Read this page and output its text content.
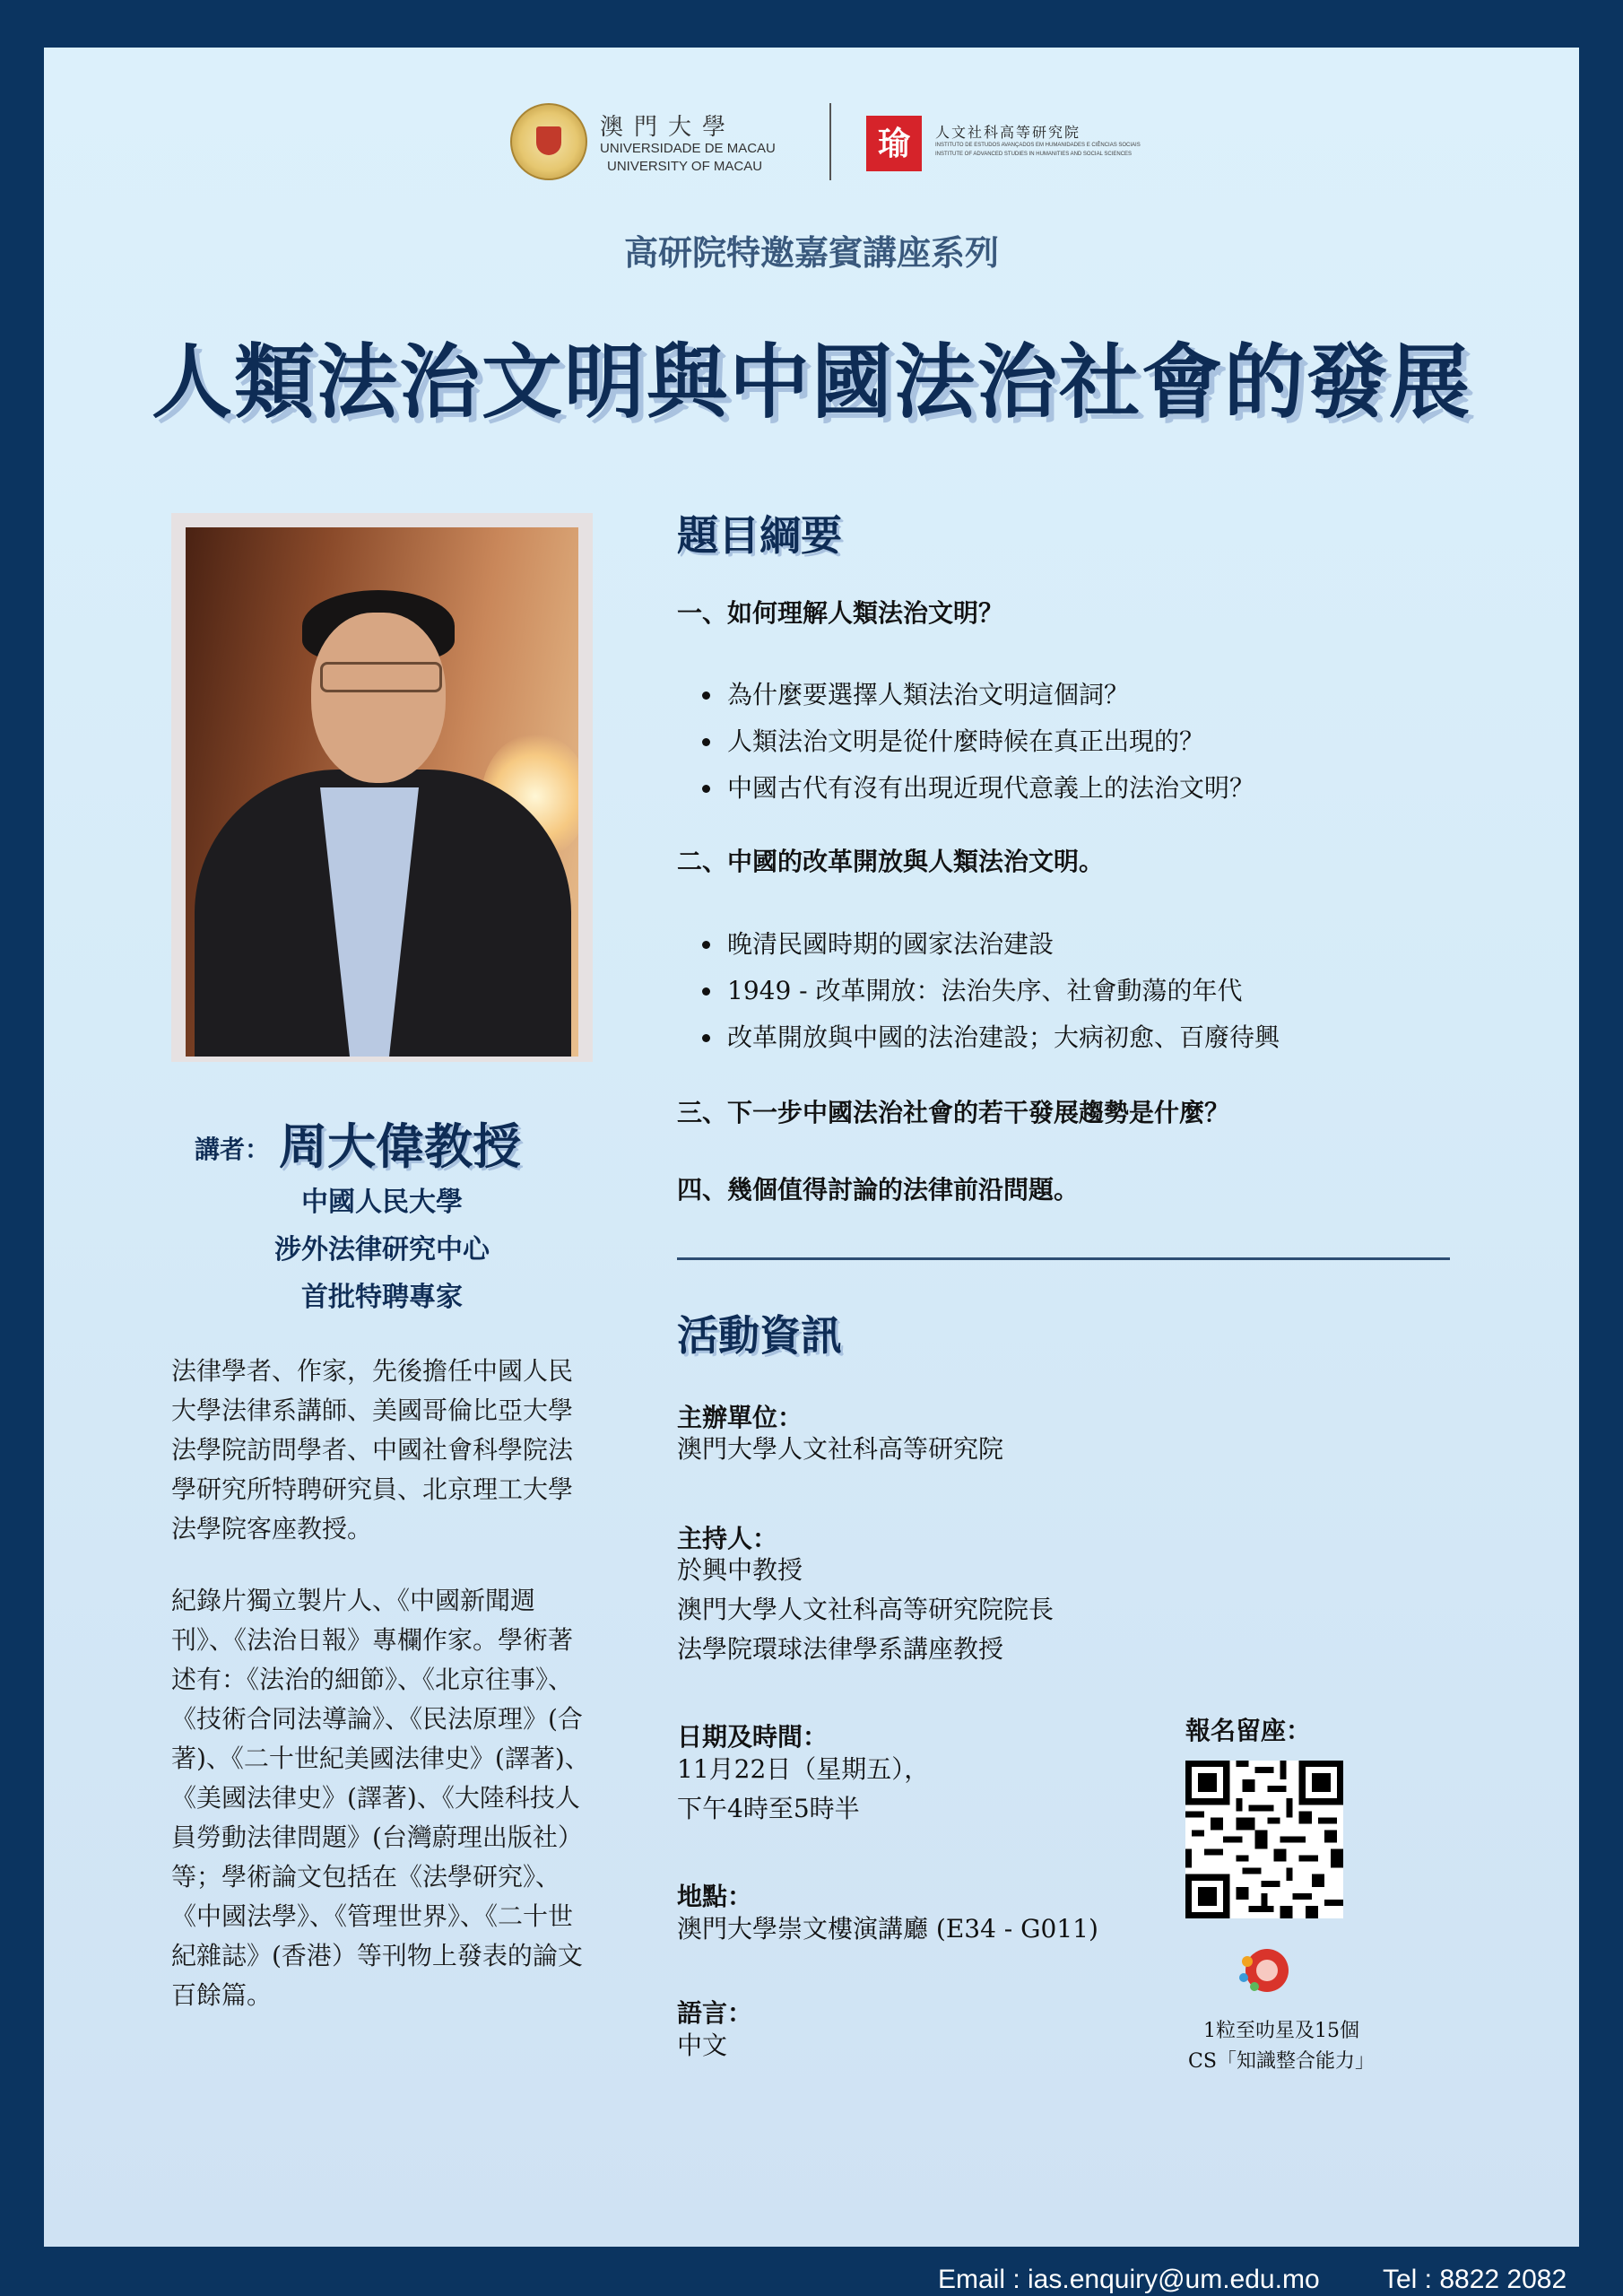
澳門大學
UNIVERSIDADE DE MACAU
UNIVERSITY OF MACAU
瑜	人文社科高等研究院
INSTITUTO DE ESTUDOS AVANÇADOS EM HUMANIDADES E CIÊNCIAS SOCIAIS
INSTITUTE OF ADVANCED STUDIES IN HUMANITIES AND SOCIAL SCIENCES
高研院特邀嘉賓講座系列
人類法治文明與中國法治社會的發展
講者： 周大偉教授
中國人民大學
涉外法律研究中心
首批特聘專家
法律學者、作家，先後擔任中國人民大學法律系講師、美國哥倫比亞大學法學院訪問學者、中國社會科學院法學研究所特聘研究員、北京理工大學法學院客座教授。
紀錄片獨立製片人、《中國新聞週刊》、《法治日報》專欄作家。學術著述有：《法治的細節》、《北京往事》、《技術合同法導論》、《民法原理》(合著)、《二十世紀美國法律史》(譯著)、《美國法律史》(譯著)、《大陸科技人員勞動法律問題》(台灣蔚理出版社）等；學術論文包括在《法學研究》、《中國法學》、《管理世界》、《二十世紀雜誌》(香港）等刊物上發表的論文百餘篇。
題目綱要
一、如何理解人類法治文明？
• 為什麼要選擇人類法治文明這個詞？
• 人類法治文明是從什麼時候在真正出現的？
• 中國古代有沒有出現近現代意義上的法治文明？
二、中國的改革開放與人類法治文明。
• 晚清民國時期的國家法治建設
• 1949 - 改革開放：法治失序、社會動蕩的年代
• 改革開放與中國的法治建設；大病初愈、百廢待興
三、下一步中國法治社會的若干發展趨勢是什麼？
四、幾個值得討論的法律前沿問題。
活動資訊
主辦單位：
澳門大學人文社科高等研究院
主持人：
於興中教授
澳門大學人文社科高等研究院院長
法學院環球法律學系講座教授
日期及時間：
11月22日（星期五），
下午4時至5時半
地點：
澳門大學崇文樓演講廳 (E34 - G011)
語言：
中文
報名留座：
1粒至叻星及15個
CS「知識整合能力」
Email : ias.enquiry@um.edu.mo Tel : 8822 2082
